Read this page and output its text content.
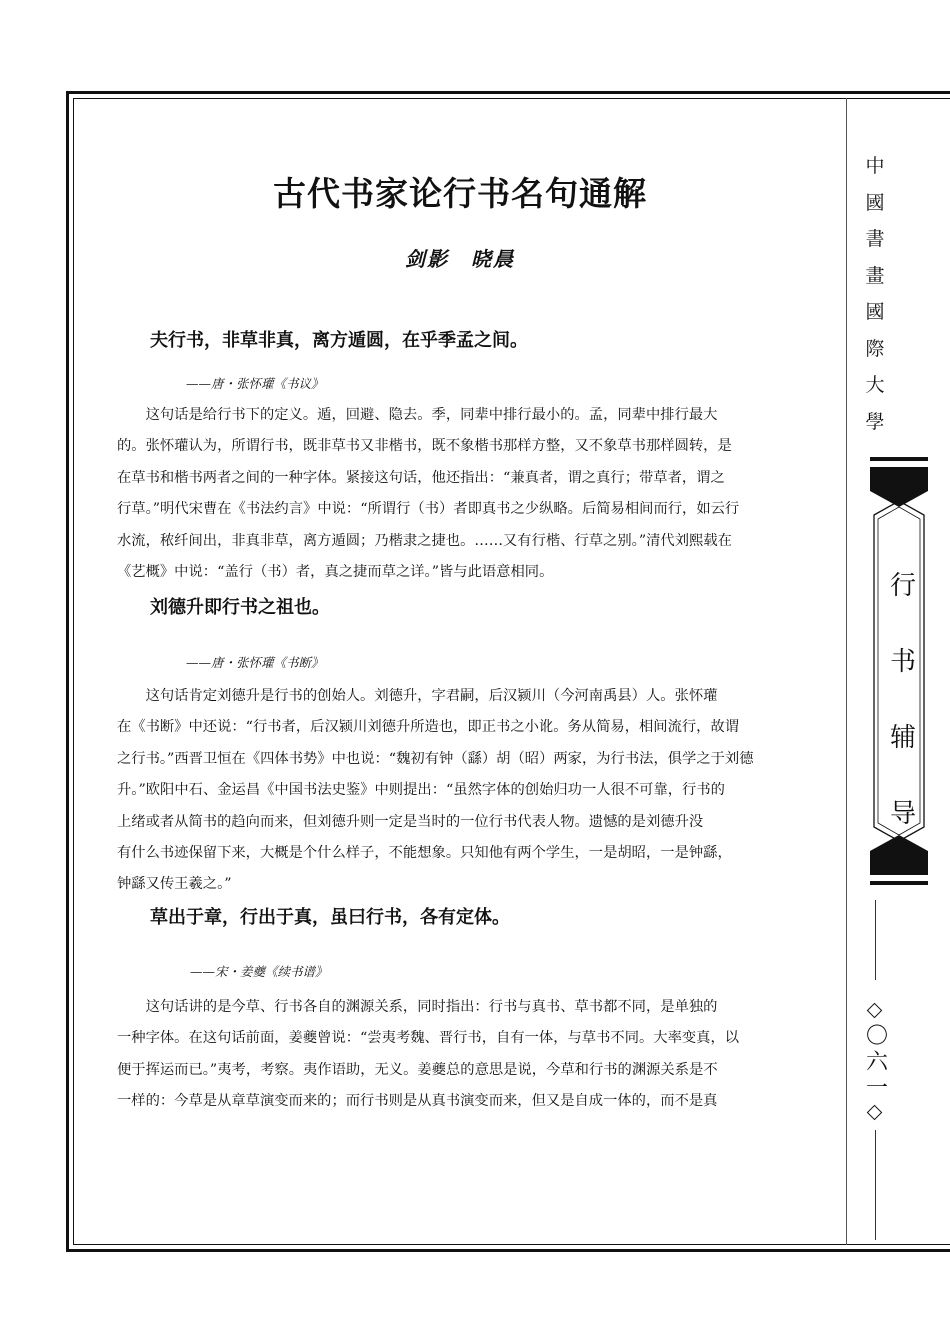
古代书家论行书名句通解
剑影　晓晨
夫行书，非草非真，离方遁圆，在乎季孟之间。
——唐・张怀瓘《书议》
　　这句话是给行书下的定义。遁，回避、隐去。季，同辈中排行最小的。孟，同辈中排行最大
的。张怀瓘认为，所谓行书，既非草书又非楷书，既不象楷书那样方整，又不象草书那样圆转，是
在草书和楷书两者之间的一种字体。紧接这句话，他还指出：“兼真者，谓之真行；带草者，谓之
行草。”明代宋曹在《书法约言》中说：“所谓行（书）者即真书之少纵略。后简易相间而行，如云行
水流，秾纤间出，非真非草，离方遁圆；乃楷隶之捷也。……又有行楷、行草之别。”清代刘熙载在
《艺概》中说：“盖行（书）者，真之捷而草之详。”皆与此语意相同。
刘德升即行书之祖也。
——唐・张怀瓘《书断》
　　这句话肯定刘德升是行书的创始人。刘德升，字君嗣，后汉颍川（今河南禹县）人。张怀瓘
在《书断》中还说：“行书者，后汉颍川刘德升所造也，即正书之小讹。务从简易，相间流行，故谓
之行书。”西晋卫恒在《四体书势》中也说：“魏初有钟（繇）胡（昭）两家，为行书法，俱学之于刘德
升。”欧阳中石、金运昌《中国书法史鉴》中则提出：“虽然字体的创始归功一人很不可靠，行书的
上绪或者从简书的趋向而来，但刘德升则一定是当时的一位行书代表人物。遗憾的是刘德升没
有什么书迹保留下来，大概是个什么样子，不能想象。只知他有两个学生，一是胡昭，一是钟繇，
钟繇又传王羲之。”
草出于章，行出于真，虽曰行书，各有定体。
——宋・姜夔《续书谱》
　　这句话讲的是今草、行书各自的渊源关系，同时指出：行书与真书、草书都不同，是单独的
一种字体。在这句话前面，姜夔曾说：“尝夷考魏、晋行书，自有一体，与草书不同。大率变真，以
便于挥运而已。”夷考，考察。夷作语助，无义。姜夔总的意思是说，今草和行书的渊源关系是不
一样的：今草是从章草演变而来的；而行书则是从真书演变而来，但又是自成一体的，而不是真
中
國
書
畫
國
際
大
學
行
书
辅
导
〇
六
一
